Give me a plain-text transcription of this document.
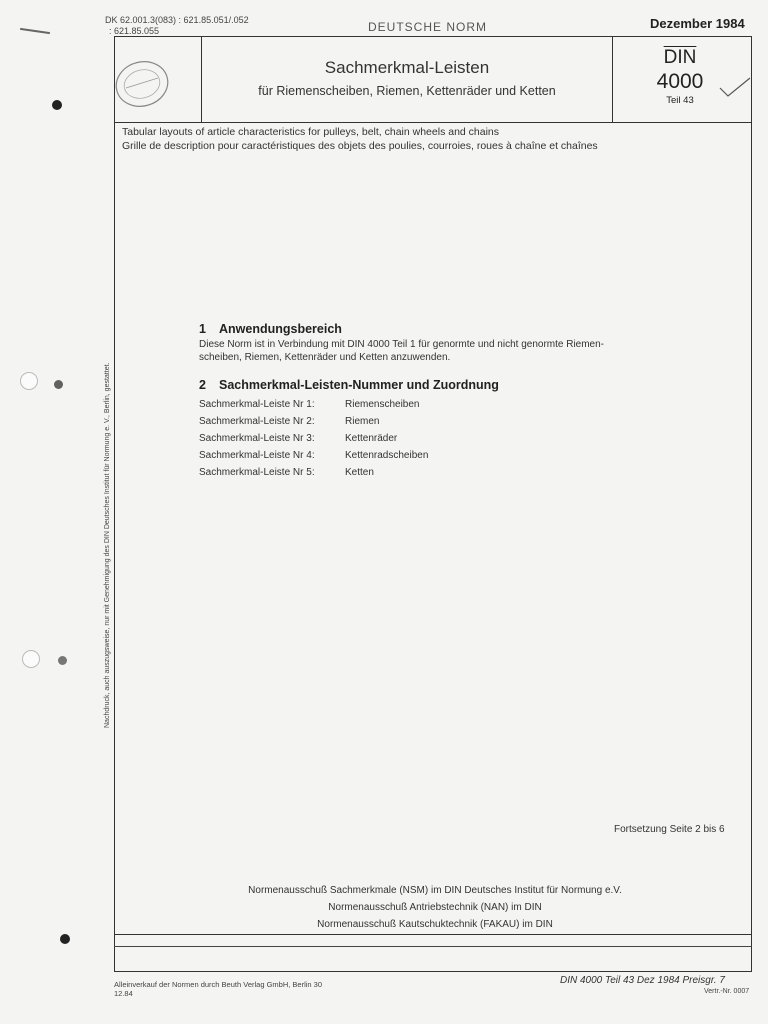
Nachdruck, auch auszugsweise, nur mit Genehmigung des DIN Deutsches Institut für Normung e. V., Berlin, gestattet.
DK 62.001.3(083) : 621.85.051/.052
: 621.85.055	DEUTSCHE NORM	Dezember 1984
Sachmerkmal-Leisten
für Riemenscheiben, Riemen, Kettenräder und Ketten
$\overline{DIN}$
4000
Teil 43
Tabular layouts of article characteristics for pulleys, belt, chain wheels and chains
Grille de description pour caractéristiques des objets des poulies, courroies, roues à chaîne et chaînes
1 Anwendungsbereich
Diese Norm ist in Verbindung mit DIN 4000 Teil 1 für genormte und nicht genormte Riemen-
scheiben, Riemen, Kettenräder und Ketten anzuwenden.
2 Sachmerkmal-Leisten-Nummer und Zuordnung
Sachmerkmal-Leiste Nr 1:	Riemenscheiben
Sachmerkmal-Leiste Nr 2:	Riemen
Sachmerkmal-Leiste Nr 3:	Kettenräder
Sachmerkmal-Leiste Nr 4:	Kettenradscheiben
Sachmerkmal-Leiste Nr 5:	Ketten
Fortsetzung Seite 2 bis 6
Normenausschuß Sachmerkmale (NSM) im DIN Deutsches Institut für Normung e.V.
Normenausschuß Antriebstechnik (NAN) im DIN
Normenausschuß Kautschuktechnik (FAKAU) im DIN
Alleinverkauf der Normen durch Beuth Verlag GmbH, Berlin 30
12.84
DIN 4000 Teil 43 Dez 1984 Preisgr. 7
Vertr.-Nr. 0007
